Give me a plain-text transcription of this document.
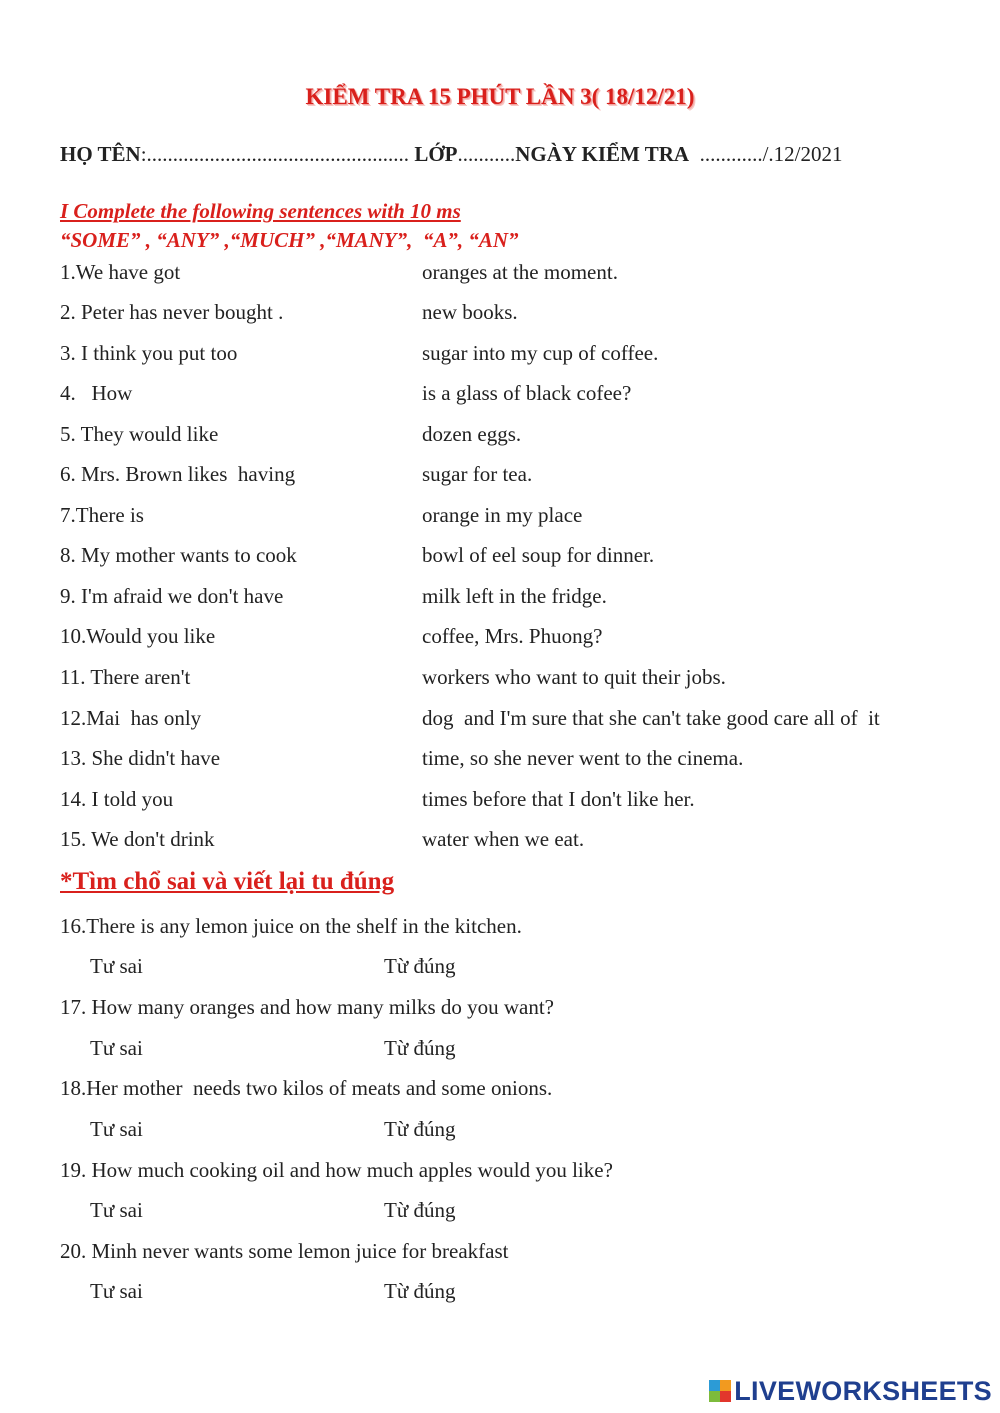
KIỂM TRA 15 PHÚT LẦN 3( 18/12/21)
HỌ TÊN:.................................................. LỚP...........NGÀY KIỂM TRA ............/.12/2021
I Complete the following sentences with 10 ms
“SOME” , “ANY” ,“MUCH” ,“MANY”,  “A”, “AN”
1.We have got	oranges at the moment.
2. Peter has never bought .	new books.
3. I think you put too	sugar into my cup of coffee.
4.   How	is a glass of black cofee?
5. They would like	dozen eggs.
6. Mrs. Brown likes  having	sugar for tea.
7.There is	orange in my place
8. My mother wants to cook	bowl of eel soup for dinner.
9. I'm afraid we don't have	milk left in the fridge.
10.Would you like	coffee, Mrs. Phuong?
11. There aren't	workers who want to quit their jobs.
12.Mai  has only	dog  and I'm sure that she can't take good care all of  it
13. She didn't have	time, so she never went to the cinema.
14. I told you	times before that I don't like her.
15. We don't drink	water when we eat.
*Tìm chổ sai và viết lại tu đúng
16.There is any lemon juice on the shelf in the kitchen.
Tư sai	Từ đúng
17. How many oranges and how many milks do you want?
Tư sai	Từ đúng
18.Her mother  needs two kilos of meats and some onions.
Tư sai	Từ đúng
19. How much cooking oil and how much apples would you like?
Tư sai	Từ đúng
20. Minh never wants some lemon juice for breakfast
Tư sai	Từ đúng
LIVEWORKSHEETS
